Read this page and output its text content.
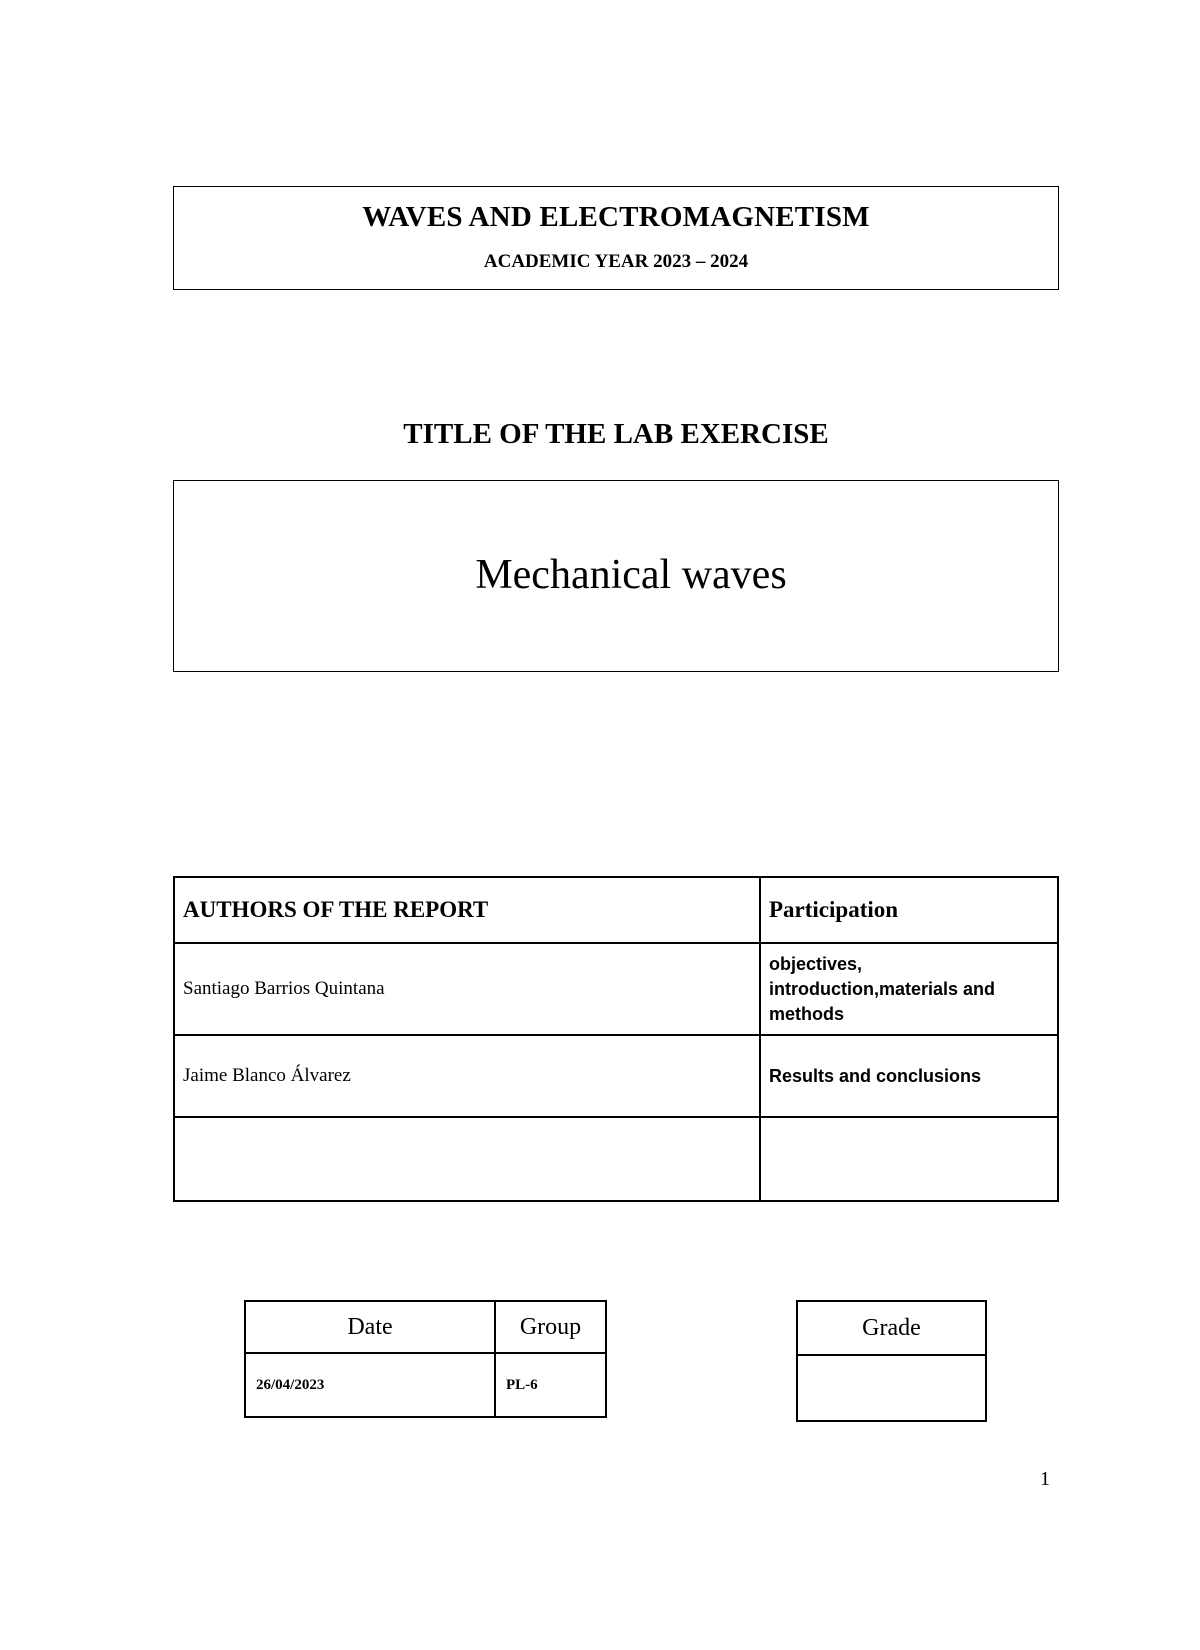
WAVES AND ELECTROMAGNETISM
ACADEMIC YEAR 2023 – 2024
TITLE OF THE LAB EXERCISE
Mechanical waves
AUTHORS OF THE REPORT	Participation
Santiago Barrios Quintana	objectives, introduction,materials and methods
Jaime Blanco Álvarez	Results and conclusions

Date	Group
26/04/2023	PL-6
Grade

1
